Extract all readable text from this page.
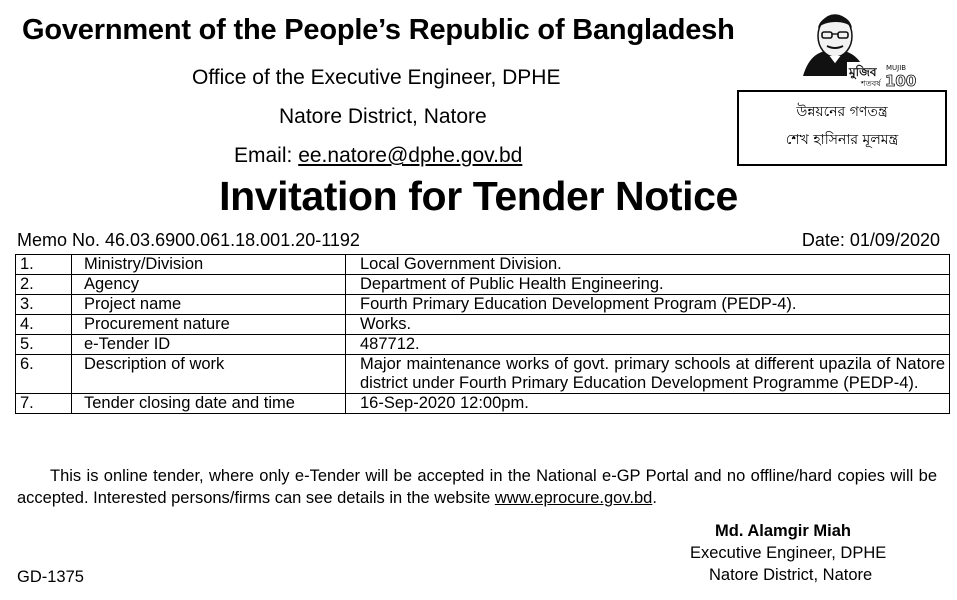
Government of the People’s Republic of Bangladesh
Office of the Executive Engineer, DPHE
Natore District, Natore
Email: ee.natore@dphe.gov.bd
মুজিব MUJIB
100
শতবর্ষ
উন্নয়নের গণতন্ত্র
শেখ হাসিনার মূলমন্ত্র
Invitation for Tender Notice
Memo No. 46.03.6900.061.18.001.20-1192	Date: 01/09/2020
1.	Ministry/Division	Local Government Division.
2.	Agency	Department of Public Health Engineering.
3.	Project name	Fourth Primary Education Development Program (PEDP-4).
4.	Procurement nature	Works.
5.	e-Tender ID	487712.
6.	Description of work	Major maintenance works of govt. primary schools at different upazila of Natore district under Fourth Primary Education Development Programme (PEDP-4).
7.	Tender closing date and time	16-Sep-2020 12:00pm.
This is online tender, where only e-Tender will be accepted in the National e-GP Portal and no offline/hard copies will be accepted. Interested persons/firms can see details in the website www.eprocure.gov.bd.
Md. Alamgir Miah
Executive Engineer, DPHE
Natore District, Natore
GD-1375
